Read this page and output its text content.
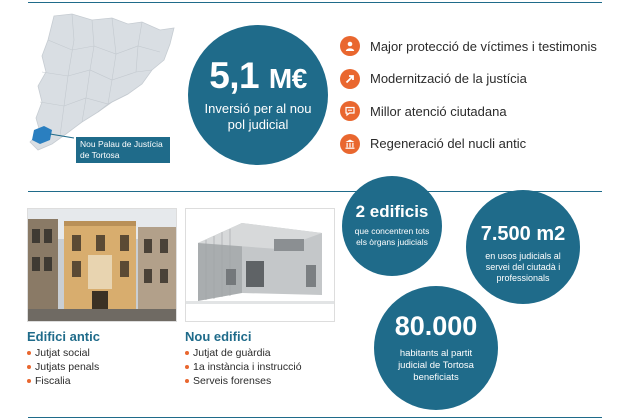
Nou Palau de Justícia de Tortosa
5,1 M€
Inversió per al nou pol judicial
Major protecció de víctimes i testimonis
Modernització de la justícia
Millor atenció ciutadana
Regeneració del nucli antic
Edifici antic
Jutjat social
Jutjats penals
Fiscalia
Nou edifici
Jutjat de guàrdia
1a instància i instrucció
Serveis forenses
2 edificis
que concentren tots els òrgans judicials	7.500 m2
en usos judicials al servei del ciutadà i professionals
80.000
habitants al partit judicial de Tortosa beneficiats
